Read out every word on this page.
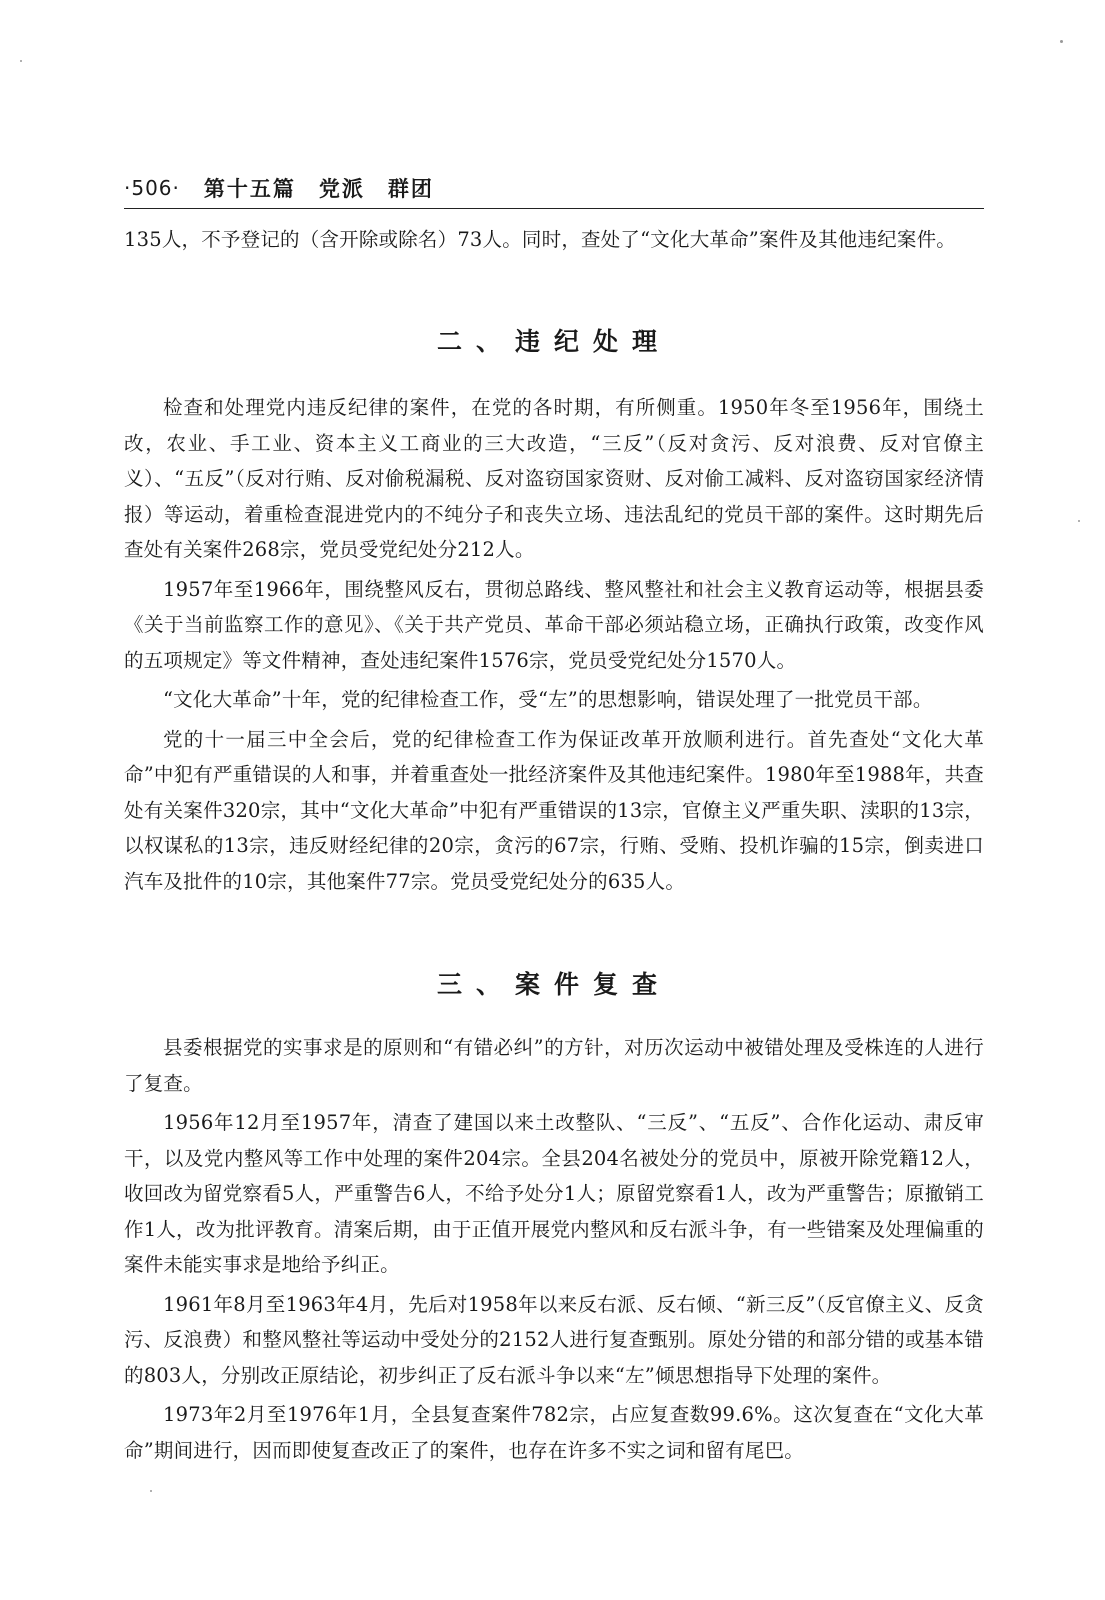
·506· 第十五篇　党派　群团

135人，不予登记的（含开除或除名）73人。同时，查处了“文化大革命”案件及其他违纪案件。

二、违纪处理

检查和处理党内违反纪律的案件，在党的各时期，有所侧重。1950年冬至1956年，围绕土改，农业、手工业、资本主义工商业的三大改造，“三反”（反对贪污、反对浪费、反对官僚主义）、“五反”（反对行贿、反对偷税漏税、反对盗窃国家资财、反对偷工减料、反对盗窃国家经济情报）等运动，着重检查混进党内的不纯分子和丧失立场、违法乱纪的党员干部的案件。这时期先后查处有关案件268宗，党员受党纪处分212人。

1957年至1966年，围绕整风反右，贯彻总路线、整风整社和社会主义教育运动等，根据县委《关于当前监察工作的意见》、《关于共产党员、革命干部必须站稳立场，正确执行政策，改变作风的五项规定》等文件精神，查处违纪案件1576宗，党员受党纪处分1570人。

“文化大革命”十年，党的纪律检查工作，受“左”的思想影响，错误处理了一批党员干部。

党的十一届三中全会后，党的纪律检查工作为保证改革开放顺利进行。首先查处“文化大革命”中犯有严重错误的人和事，并着重查处一批经济案件及其他违纪案件。1980年至1988年，共查处有关案件320宗，其中“文化大革命”中犯有严重错误的13宗，官僚主义严重失职、渎职的13宗，以权谋私的13宗，违反财经纪律的20宗，贪污的67宗，行贿、受贿、投机诈骗的15宗，倒卖进口汽车及批件的10宗，其他案件77宗。党员受党纪处分的635人。

三、案件复查

县委根据党的实事求是的原则和“有错必纠”的方针，对历次运动中被错处理及受株连的人进行了复查。

1956年12月至1957年，清查了建国以来土改整队、“三反”、“五反”、合作化运动、肃反审干，以及党内整风等工作中处理的案件204宗。全县204名被处分的党员中，原被开除党籍12人，收回改为留党察看5人，严重警告6人，不给予处分1人；原留党察看1人，改为严重警告；原撤销工作1人，改为批评教育。清案后期，由于正值开展党内整风和反右派斗争，有一些错案及处理偏重的案件未能实事求是地给予纠正。

1961年8月至1963年4月，先后对1958年以来反右派、反右倾、“新三反”（反官僚主义、反贪污、反浪费）和整风整社等运动中受处分的2152人进行复查甄别。原处分错的和部分错的或基本错的803人，分别改正原结论，初步纠正了反右派斗争以来“左”倾思想指导下处理的案件。

1973年2月至1976年1月，全县复查案件782宗，占应复查数99.6%。这次复查在“文化大革命”期间进行，因而即使复查改正了的案件，也存在许多不实之词和留有尾巴。
